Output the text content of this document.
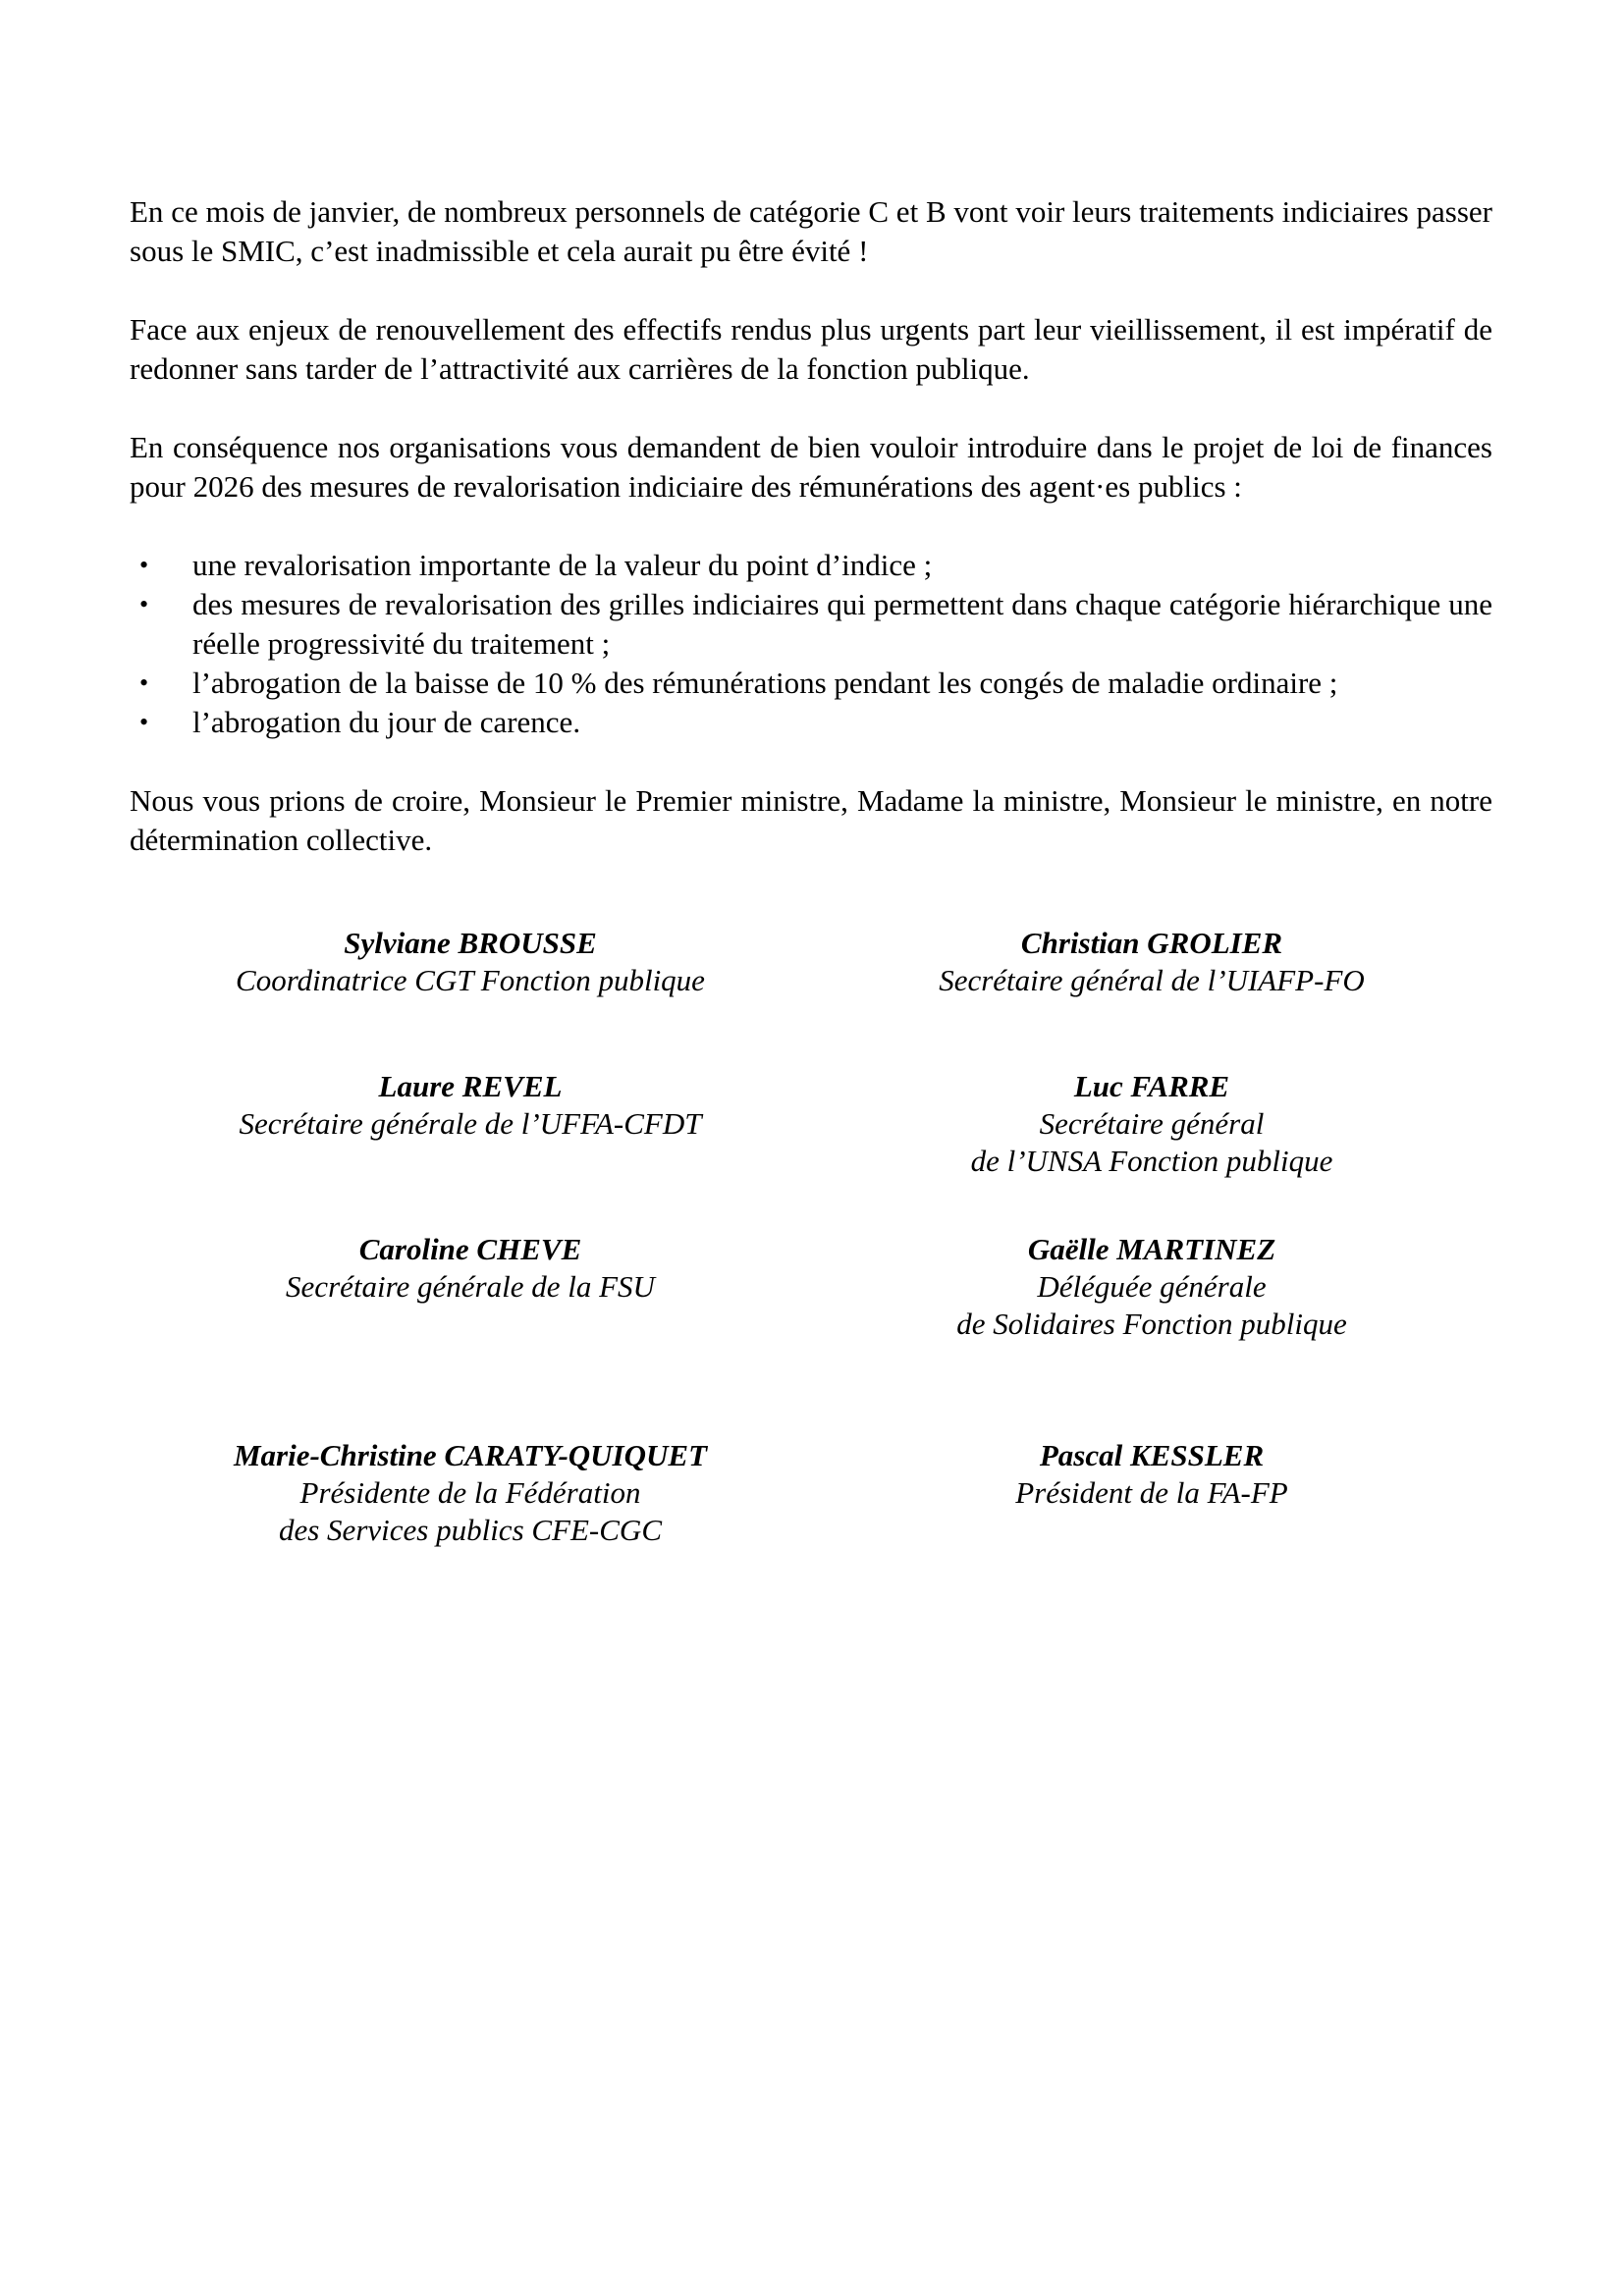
En ce mois de janvier, de nombreux personnels de catégorie C et B vont voir leurs traitements indiciaires passer sous le SMIC, c’est inadmissible et cela aurait pu être évité !

Face aux enjeux de renouvellement des effectifs rendus plus urgents part leur vieillissement, il est impératif de redonner sans tarder de l’attractivité aux carrières de la fonction publique.

En conséquence nos organisations vous demandent de bien vouloir introduire dans le projet de loi de finances pour 2026 des mesures de revalorisation indiciaire des rémunérations des agent·es publics :

•	une revalorisation importante de la valeur du point d’indice ;
•	des mesures de revalorisation des grilles indiciaires qui permettent dans chaque catégorie hiérarchique une réelle progressivité du traitement ;
•	l’abrogation de la baisse de 10 % des rémunérations pendant les congés de maladie ordinaire ;
•	l’abrogation du jour de carence.

Nous vous prions de croire, Monsieur le Premier ministre, Madame la ministre, Monsieur le ministre, en notre détermination collective.

Sylviane BROUSSE
Coordinatrice CGT Fonction publique
Christian GROLIER
Secrétaire général de l’UIAFP-FO
Laure REVEL
Secrétaire générale de l’UFFA-CFDT
Luc FARRE
Secrétaire général
de l’UNSA Fonction publique
Caroline CHEVE
Secrétaire générale de la FSU
Gaëlle MARTINEZ
Déléguée générale
de Solidaires Fonction publique
Marie-Christine CARATY-QUIQUET
Présidente de la Fédération
des Services publics CFE-CGC
Pascal KESSLER
Président de la FA-FP
